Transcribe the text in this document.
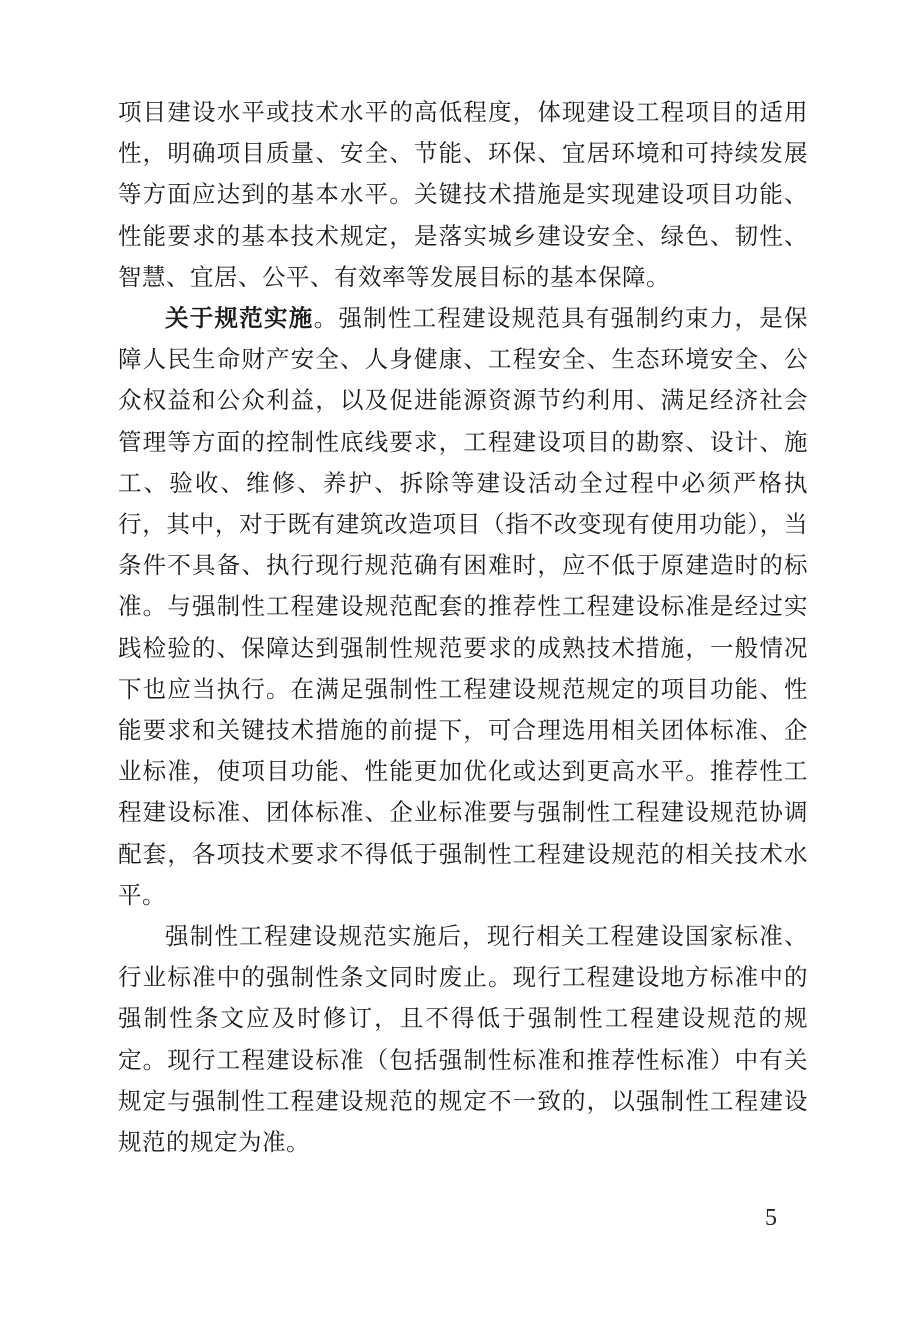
项目建设水平或技术水平的高低程度，体现建设工程项目的适用性，明确项目质量、安全、节能、环保、宜居环境和可持续发展等方面应达到的基本水平。关键技术措施是实现建设项目功能、性能要求的基本技术规定，是落实城乡建设安全、绿色、韧性、智慧、宜居、公平、有效率等发展目标的基本保障。

关于规范实施。强制性工程建设规范具有强制约束力，是保障人民生命财产安全、人身健康、工程安全、生态环境安全、公众权益和公众利益，以及促进能源资源节约利用、满足经济社会管理等方面的控制性底线要求，工程建设项目的勘察、设计、施工、验收、维修、养护、拆除等建设活动全过程中必须严格执行，其中，对于既有建筑改造项目（指不改变现有使用功能），当条件不具备、执行现行规范确有困难时，应不低于原建造时的标准。与强制性工程建设规范配套的推荐性工程建设标准是经过实践检验的、保障达到强制性规范要求的成熟技术措施，一般情况下也应当执行。在满足强制性工程建设规范规定的项目功能、性能要求和关键技术措施的前提下，可合理选用相关团体标准、企业标准，使项目功能、性能更加优化或达到更高水平。推荐性工程建设标准、团体标准、企业标准要与强制性工程建设规范协调配套，各项技术要求不得低于强制性工程建设规范的相关技术水平。

强制性工程建设规范实施后，现行相关工程建设国家标准、行业标准中的强制性条文同时废止。现行工程建设地方标准中的强制性条文应及时修订，且不得低于强制性工程建设规范的规定。现行工程建设标准（包括强制性标准和推荐性标准）中有关规定与强制性工程建设规范的规定不一致的，以强制性工程建设规范的规定为准。

5
